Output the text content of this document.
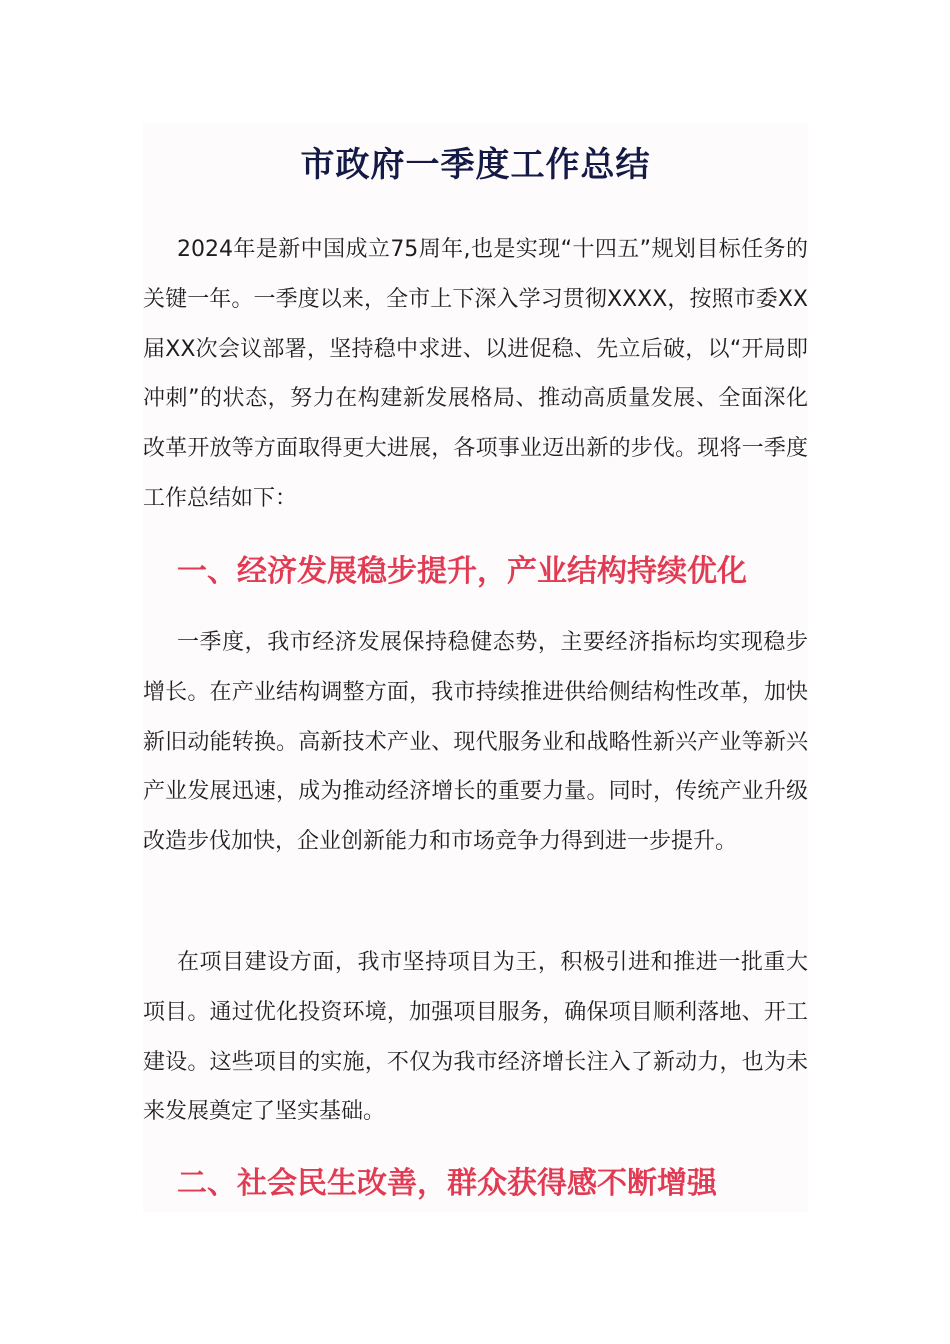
市政府一季度工作总结

2024年是新中国成立75周年,也是实现“十四五”规划目标任务的关键一年。一季度以来，全市上下深入学习贯彻XXXX，按照市委XX届XX次会议部署，坚持稳中求进、以进促稳、先立后破，以“开局即冲刺”的状态，努力在构建新发展格局、推动高质量发展、全面深化改革开放等方面取得更大进展，各项事业迈出新的步伐。现将一季度工作总结如下：

一、经济发展稳步提升，产业结构持续优化

一季度，我市经济发展保持稳健态势，主要经济指标均实现稳步增长。在产业结构调整方面，我市持续推进供给侧结构性改革，加快新旧动能转换。高新技术产业、现代服务业和战略性新兴产业等新兴产业发展迅速，成为推动经济增长的重要力量。同时，传统产业升级改造步伐加快，企业创新能力和市场竞争力得到进一步提升。

在项目建设方面，我市坚持项目为王，积极引进和推进一批重大项目。通过优化投资环境，加强项目服务，确保项目顺利落地、开工建设。这些项目的实施，不仅为我市经济增长注入了新动力，也为未来发展奠定了坚实基础。

二、社会民生改善，群众获得感不断增强
